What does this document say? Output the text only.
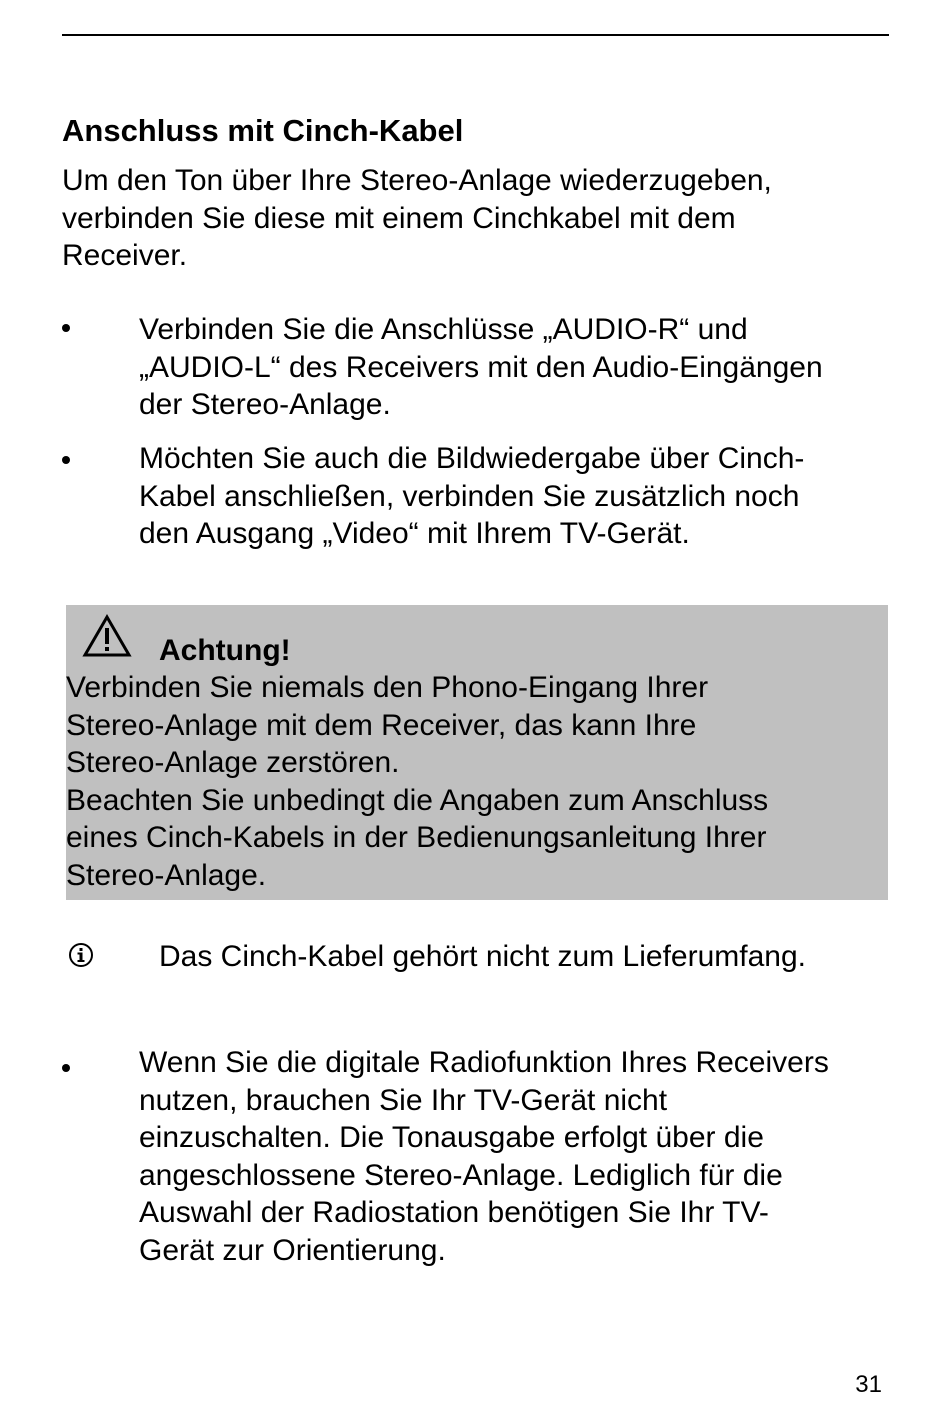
Anschluss mit Cinch-Kabel
Um den Ton über Ihre Stereo-Anlage wiederzugeben,
verbinden Sie diese mit einem Cinchkabel mit dem
Receiver.
Verbinden Sie die Anschlüsse „AUDIO-R“ und
„AUDIO-L“ des Receivers mit den Audio-Eingängen
der Stereo-Anlage.
Möchten Sie auch die Bildwiedergabe über Cinch-
Kabel anschließen, verbinden Sie zusätzlich noch
den Ausgang „Video“ mit Ihrem TV-Gerät.
Achtung!
Verbinden Sie niemals den Phono-Eingang Ihrer
Stereo-Anlage mit dem Receiver, das kann Ihre
Stereo-Anlage zerstören.
Beachten Sie unbedingt die Angaben zum Anschluss
eines Cinch-Kabels in der Bedienungsanleitung Ihrer
Stereo-Anlage.
Das Cinch-Kabel gehört nicht zum Lieferumfang.
Wenn Sie die digitale Radiofunktion Ihres Receivers
nutzen, brauchen Sie Ihr TV-Gerät nicht
einzuschalten. Die Tonausgabe erfolgt über die
angeschlossene Stereo-Anlage. Lediglich für die
Auswahl der Radiostation benötigen Sie Ihr TV-
Gerät zur Orientierung.
31
